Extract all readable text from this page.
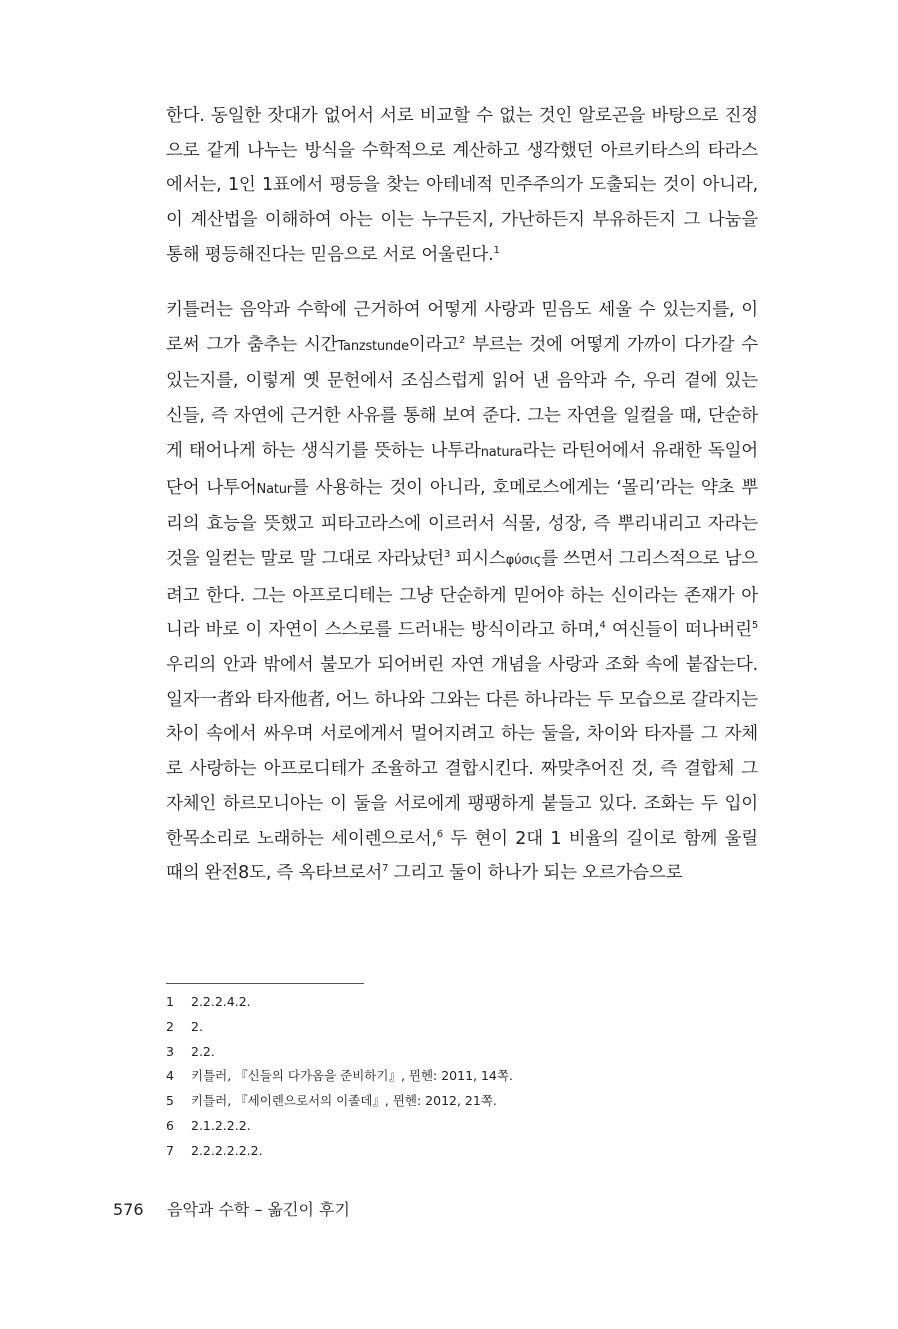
한다. 동일한 잣대가 없어서 서로 비교할 수 없는 것인 알로곤을 바탕으로 진정으로 같게 나누는 방식을 수학적으로 계산하고 생각했던 아르키타스의 타라스에서는, 1인 1표에서 평등을 찾는 아테네적 민주주의가 도출되는 것이 아니라, 이 계산법을 이해하여 아는 이는 누구든지, 가난하든지 부유하든지 그 나눔을 통해 평등해진다는 믿음으로 서로 어울린다.$^1$

키틀러는 음악과 수학에 근거하여 어떻게 사랑과 믿음도 세울 수 있는지를, 이로써 그가 춤추는 시간Tanzstunde이라고$^2$ 부르는 것에 어떻게 가까이 다가갈 수 있는지를, 이렇게 옛 문헌에서 조심스럽게 읽어 낸 음악과 수, 우리 곁에 있는 신들, 즉 자연에 근거한 사유를 통해 보여 준다. 그는 자연을 일컬을 때, 단순하게 태어나게 하는 생식기를 뜻하는 나투라natura라는 라틴어에서 유래한 독일어 단어 나투어Natur를 사용하는 것이 아니라, 호메로스에게는 ‘몰리’라는 약초 뿌리의 효능을 뜻했고 피타고라스에 이르러서 식물, 성장, 즉 뿌리내리고 자라는 것을 일컫는 말로 말 그대로 자라났던$^3$ 피시스φύσις를 쓰면서 그리스적으로 남으려고 한다. 그는 아프로디테는 그냥 단순하게 믿어야 하는 신이라는 존재가 아니라 바로 이 자연이 스스로를 드러내는 방식이라고 하며,$^4$ 여신들이 떠나버린$^5$ 우리의 안과 밖에서 불모가 되어버린 자연 개념을 사랑과 조화 속에 붙잡는다. 일자一者와 타자他者, 어느 하나와 그와는 다른 하나라는 두 모습으로 갈라지는 차이 속에서 싸우며 서로에게서 멀어지려고 하는 둘을, 차이와 타자를 그 자체로 사랑하는 아프로디테가 조율하고 결합시킨다. 짜맞추어진 것, 즉 결합체 그 자체인 하르모니아는 이 둘을 서로에게 팽팽하게 붙들고 있다. 조화는 두 입이 한목소리로 노래하는 세이렌으로서,$^6$ 두 현이 2대 1 비율의 길이로 함께 울릴 때의 완전8도, 즉 옥타브로서$^7$ 그리고 둘이 하나가 되는 오르가슴으로

1	2.2.2.4.2.
2	2.
3	2.2.
4	키틀러, 『신들의 다가옴을 준비하기』, 뮌헨: 2011, 14쪽.
5	키틀러, 『세이렌으로서의 이졸데』, 뮌헨: 2012, 21쪽.
6	2.1.2.2.2.
7	2.2.2.2.2.2.
576	음악과 수학 – 옮긴이 후기
